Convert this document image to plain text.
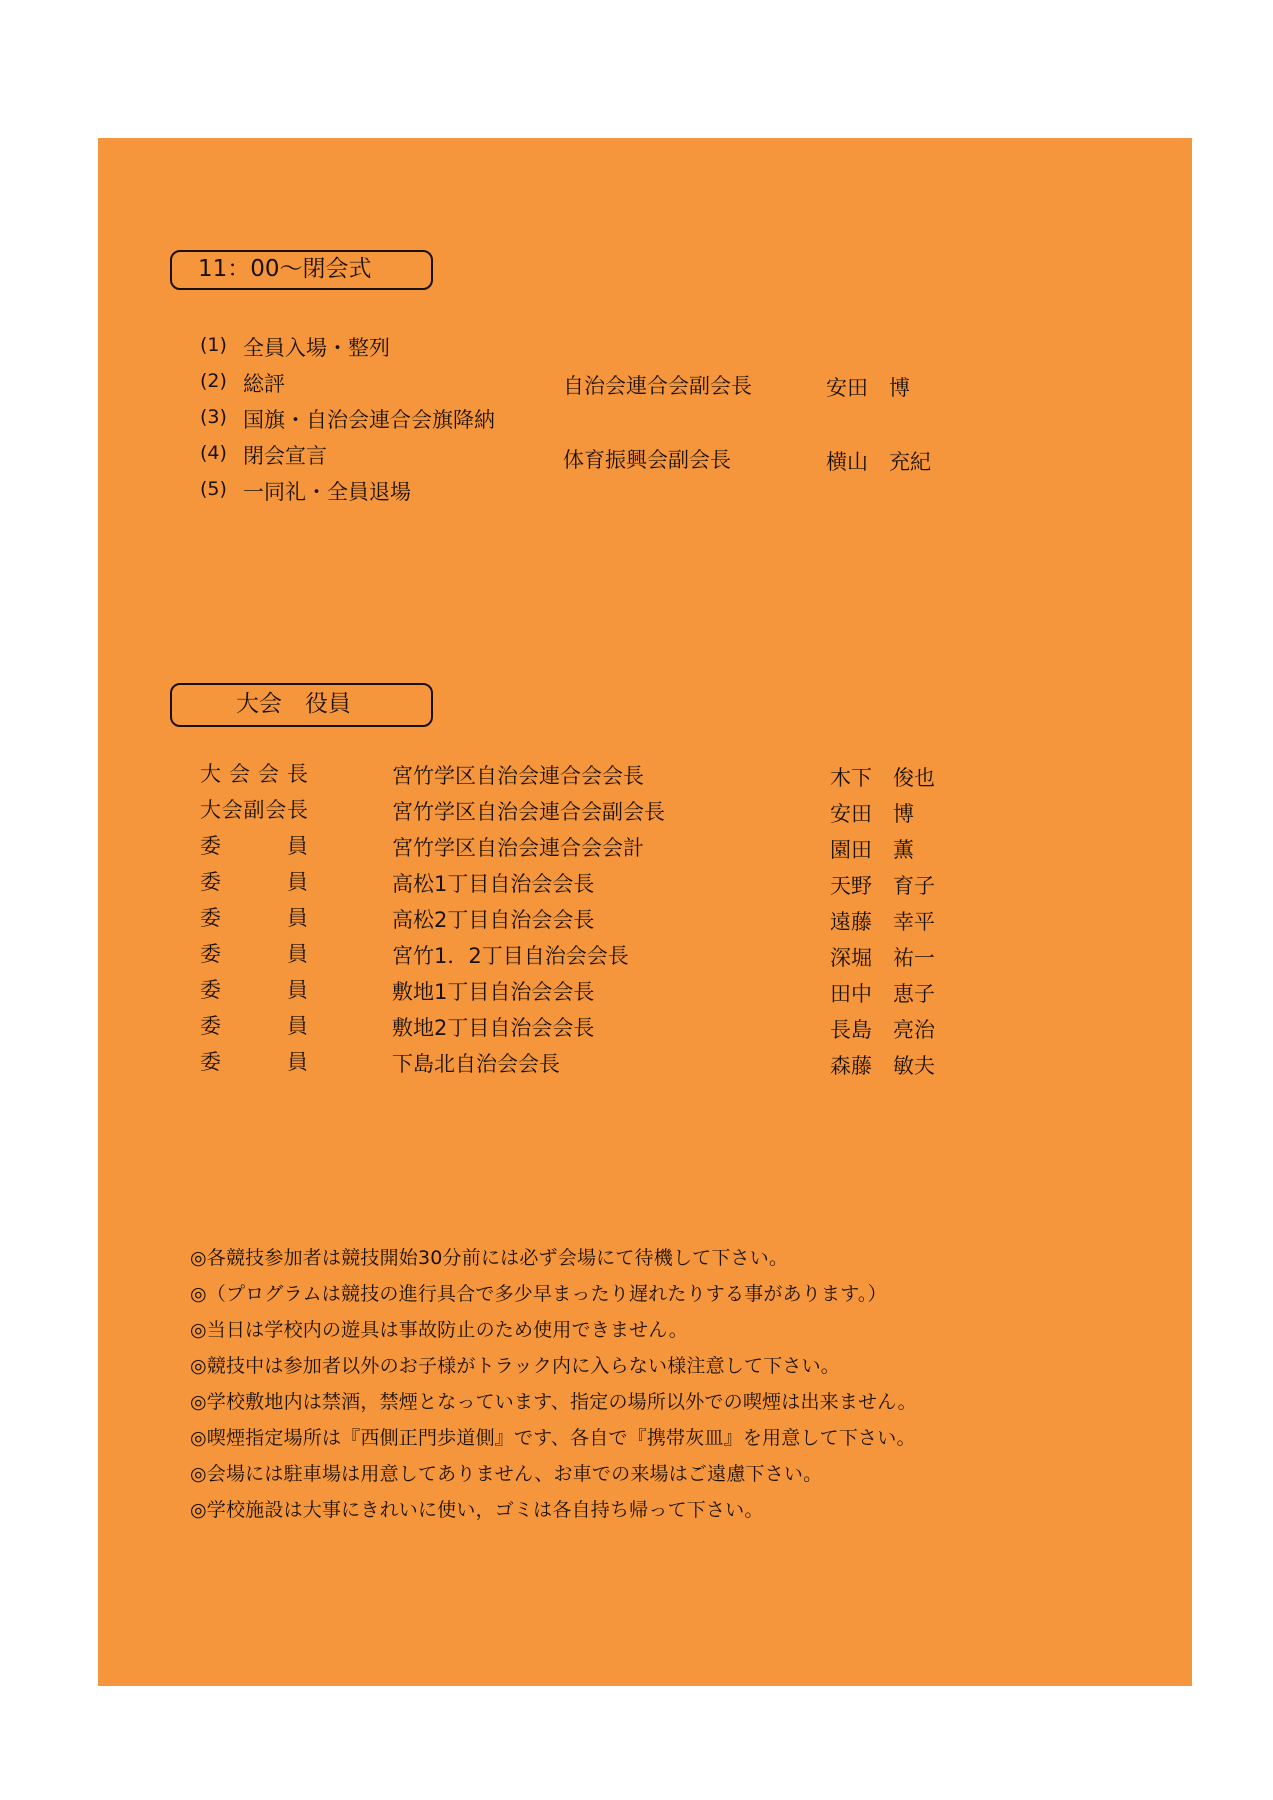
11：00～閉会式
(1) 全員入場・整列
(2) 総評	自治会連合会副会長	安田　博
(3) 国旗・自治会連合会旗降納
(4) 閉会宣言	体育振興会副会長	横山　充紀
(5) 一同礼・全員退場
大会　役員
大会会長	宮竹学区自治会連合会会長	木下　俊也
大会副会長	宮竹学区自治会連合会副会長	安田　博
委員	宮竹学区自治会連合会会計	園田　薫
委員	高松1丁目自治会会長	天野　育子
委員	高松2丁目自治会会長	遠藤　幸平
委員	宮竹1．2丁目自治会会長	深堀　祐一
委員	敷地1丁目自治会会長	田中　恵子
委員	敷地2丁目自治会会長	長島　亮治
委員	下島北自治会会長	森藤　敏夫
◎各競技参加者は競技開始30分前には必ず会場にて待機して下さい。
◎（プログラムは競技の進行具合で多少早まったり遅れたりする事があります。）
◎当日は学校内の遊具は事故防止のため使用できません。
◎競技中は参加者以外のお子様がトラック内に入らない様注意して下さい。
◎学校敷地内は禁酒，禁煙となっています、指定の場所以外での喫煙は出来ません。
◎喫煙指定場所は『西側正門歩道側』です、各自で『携帯灰皿』を用意して下さい。
◎会場には駐車場は用意してありません、お車での来場はご遠慮下さい。
◎学校施設は大事にきれいに使い，ゴミは各自持ち帰って下さい。
